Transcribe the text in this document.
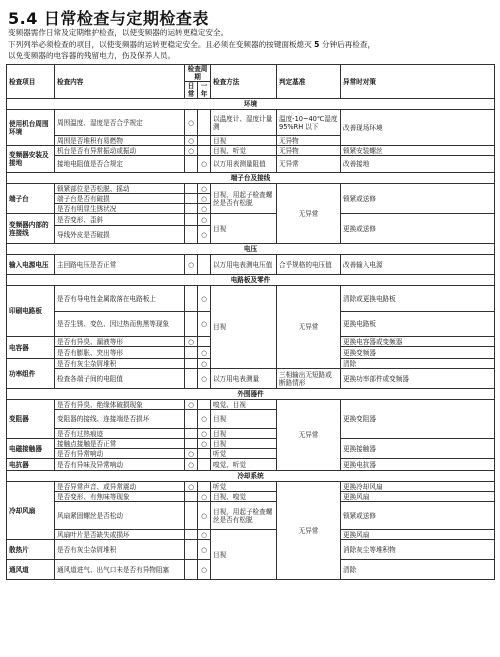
5.4 日常检查与定期检查表
变频器需作日常及定期维护检查，以使变频器的运转更稳定安全。
下列列举必须检查的项目，以使变频器的运转更稳定安全。且必须在变频器的按键面板熄灭 5 分钟后再检查，
以免变频器的电容器的残留电力，伤及保养人员。
检查项目	检查内容	检查周期		检查方法	判定基准	异常时对策
		日常	一年			
环境						
使用机台周围环境	周围温度、湿度是否合乎规定	○		以温度计、湿度计量测	温度-10~40℃湿度 95%RH 以下	改善现场环境
	周围是否堆积有易燃物	○		目视	无异物	
变频器安装及接地	机台是否有异常振动或振动	○		目视、听觉	无异物	锁紧安装螺丝
	接地电阻值是否合规定		○	以万用表测量阻值	无异常	改善接地
端子台及接线						
端子台	锁紧部位是否松脱、摇动		○	目视，用起子检查螺丝是否有松脱	无异常	锁紧或送修
	端子台是否有破损		○			
	是否有明显生锈状况		○			
变频器内部的连接线	是否变形、歪斜		○	目视		更换或送修
	导线外皮是否破损		○			
电压						
输入电源电压	主回路电压是否正常	○		以万用电表测电压值	合乎规格的电压值	改善输入电源
电路板及零件						
印刷电路板	是否有导电性金属散落在电路板上		○	目视	无异常	清除或更换电路板
	是否生锈、变色、因过热而焦黑等现象		○			更换电路板
电容器	是否有异臭、漏液等形	○				更换电容器或变频器
	是否有膨胀、突出等形		○			更换变频器
功率组件	是否有灰尘杂屑堆积		○			清除
	检查各端子间的电阻值		○	以万用电表测量	三相输出无短路或断路情形	更换功率部件或变频器
外围器件						
变阻器	是否有异臭、绝缘体破损现象	○		嗅觉、目视	无异常	更换变阻器
	变阻器的接线、连接端是否损坏		○	目视		
	是否有过热痕迹		○	目视		
电磁接触器	接触点接触是否正常		○	目视		更换接触器
	是否有异常响动	○		听觉		
电抗器	是否有异味及异常响动	○		嗅觉、听觉		更换电抗器
冷却系统						
冷却风扇	是否异常声音、或异常震动	○		听觉	无异常	更换冷却风扇
	是否变形、有焦味等现象		○	目视、嗅觉		更换风扇
	风扇紧固螺丝是否松动		○	目视，用起子检查螺丝是否有松脱		锁紧或送修
	风扇叶片是否缺失或损坏		○	目视		更换风扇
散热片	是否有灰尘杂屑堆积		○			消除灰尘等堆积物
通风道	通风道进气、出气口未是否有异物阻塞		○			清除
